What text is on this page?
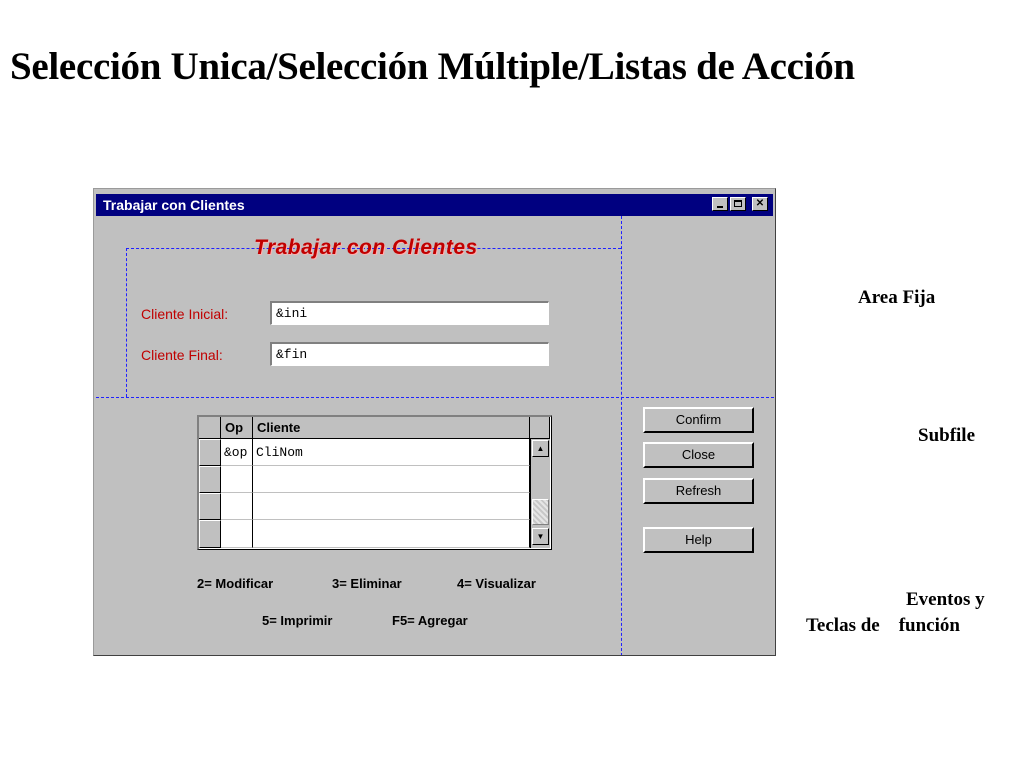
Selección Unica/Selección Múltiple/Listas de Acción
Area Fija
Subfile
Eventos y
Teclas de    función
Trabajar con Clientes	✕
Trabajar con Clientes
Cliente Inicial:	&ini
Cliente Final:	&fin
Op	Cliente
&op CliNom	▲
▼
2= Modificar	3= Eliminar	4= Visualizar
5= Imprimir	F5= Agregar
Confirm
Close
Refresh
Help
